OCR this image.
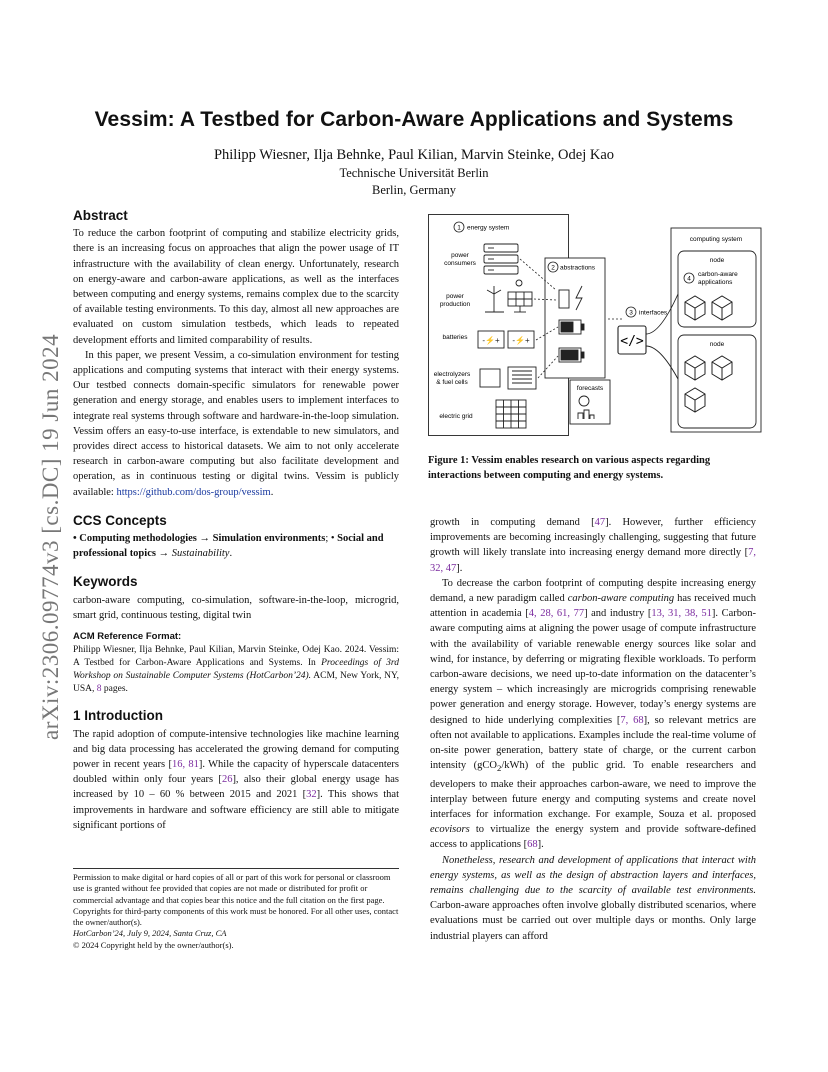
Vessim: A Testbed for Carbon-Aware Applications and Systems
Philipp Wiesner, Ilja Behnke, Paul Kilian, Marvin Steinke, Odej Kao
Technische Universität Berlin
Berlin, Germany
arXiv:2306.09774v3 [cs.DC] 19 Jun 2024
Abstract

To reduce the carbon footprint of computing and stabilize electricity grids, there is an increasing focus on approaches that align the power usage of IT infrastructure with the availability of clean energy. Unfortunately, research on energy-aware and carbon-aware applications, as well as the interfaces between computing and energy systems, remains complex due to the scarcity of available testing environments. To this day, almost all new approaches are evaluated on custom simulation testbeds, which leads to repeated development efforts and limited comparability of results.

In this paper, we present Vessim, a co-simulation environment for testing applications and computing systems that interact with their energy systems. Our testbed connects domain-specific simulators for renewable power generation and energy storage, and enables users to implement interfaces to integrate real systems through software and hardware-in-the-loop simulation. Vessim offers an easy-to-use interface, is extendable to new simulators, and provides direct access to historical datasets. We aim to not only accelerate research in carbon-aware computing but also facilitate development and operation, as in continuous testing or digital twins. Vessim is publicly available: https://github.com/dos-group/vessim.

CCS Concepts

• Computing methodologies → Simulation environments; • Social and professional topics → Sustainability.

Keywords

carbon-aware computing, co-simulation, software-in-the-loop, microgrid, smart grid, continuous testing, digital twin

ACM Reference Format:

Philipp Wiesner, Ilja Behnke, Paul Kilian, Marvin Steinke, Odej Kao. 2024. Vessim: A Testbed for Carbon-Aware Applications and Systems. In Proceedings of 3rd Workshop on Sustainable Computer Systems (HotCarbon’24). ACM, New York, NY, USA, 8 pages.

1 Introduction

The rapid adoption of compute-intensive technologies like machine learning and big data processing has accelerated the growing demand for computing power in recent years [16, 81]. While the capacity of hyperscale datacenters doubled within only four years [26], also their global energy usage has increased by 10 – 60 % between 2015 and 2021 [32]. This shows that improvements in hardware and software efficiency are still able to mitigate significant portions of

Permission to make digital or hard copies of all or part of this work for personal or classroom use is granted without fee provided that copies are not made or distributed for profit or commercial advantage and that copies bear this notice and the full citation on the first page. Copyrights for third-party components of this work must be honored. For all other uses, contact the owner/author(s).

HotCarbon’24, July 9, 2024, Santa Cruz, CA

© 2024 Copyright held by the owner/author(s).

1 energy system
power
consumers
power
production
batteries
electrolyzers
& fuel cells
electric grid
-⚡+ -⚡+
2 abstractions
forecasts
3 interfaces
</>
computing system
node
4
carbon-aware
applications
node
Figure 1: Vessim enables research on various aspects regarding interactions between computing and energy systems.

growth in computing demand [47]. However, further efficiency improvements are becoming increasingly challenging, suggesting that future growth will likely translate into increasing energy demand more directly [7, 32, 47].

To decrease the carbon footprint of computing despite increasing energy demand, a new paradigm called carbon-aware computing has received much attention in academia [4, 28, 61, 77] and industry [13, 31, 38, 51]. Carbon-aware computing aims at aligning the power usage of compute infrastructure with the availability of variable renewable energy sources like solar and wind, for instance, by deferring or migrating flexible workloads. To perform carbon-aware decisions, we need up-to-date information on the datacenter’s energy system – which increasingly are microgrids comprising renewable power generation and energy storage. However, today’s energy systems are designed to hide underlying complexities [7, 68], so relevant metrics are often not available to applications. Examples include the real-time volume of on-site power generation, battery state of charge, or the current carbon intensity (gCO$_2$/kWh) of the public grid. To enable researchers and developers to make their approaches carbon-aware, we need to improve the interplay between future energy and computing systems and create novel interfaces for information exchange. For example, Souza et al. proposed ecovisors to virtualize the energy system and provide software-defined access to applications [68].

Nonetheless, research and development of applications that interact with energy systems, as well as the design of abstraction layers and interfaces, remains challenging due to the scarcity of available test environments. Carbon-aware approaches often involve globally distributed scenarios, where evaluations must be carried out over multiple days or months. Only large industrial players can afford
